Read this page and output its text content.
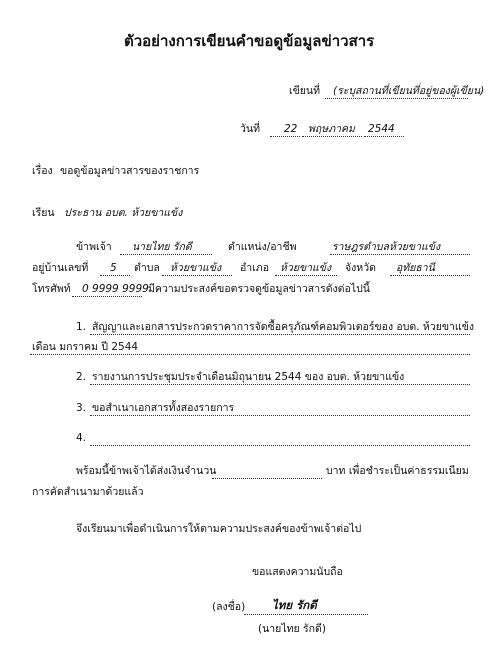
ตัวอย่างการเขียนคำขอดูข้อมูลข่าวสาร
เขียนที่ (ระบุสถานที่เขียนที่อยู่ของผู้เขียน)
วันที่ 22 พฤษภาคม 2544
เรื่อง ขอดูข้อมูลข่าวสารของราชการ
เรียน ประธาน อบต. ห้วยขาแข้ง
ข้าพเจ้า นายไทย รักดี	ตำแหน่ง/อาชีพ	ราษฎรตำบลห้วยขาแข้ง
อยู่บ้านเลขที่ 5 ตำบล ห้วยขาแข้ง อำเภอ ห้วยขาแข้ง จังหวัด อุทัยธานี
โทรศัพท์ 0 9999 9999 มีความประสงค์ขอตรวจดูข้อมูลข่าวสารดังต่อไปนี้
1. สัญญาและเอกสารประกวดราคาการจัดซื้อครุภัณฑ์คอมพิวเตอร์ของ อบต. ห้วยขาแข้ง
เดือน มกราคม ปี 2544
2. รายงานการประชุมประจำเดือนมิถุนายน 2544 ของ อบต. ห้วยขาแข้ง
3. ขอสำเนาเอกสารทั้งสองรายการ
4.
พร้อมนี้ข้าพเจ้าได้ส่งเงินจำนวน	บาท เพื่อชำระเป็นค่าธรรมเนียม
การคัดสำเนามาด้วยแล้ว
จึงเรียนมาเพื่อดำเนินการให้ตามความประสงค์ของข้าพเจ้าต่อไป
ขอแสดงความนับถือ
(ลงชื่อ) ไทย รักดี
(นายไทย รักดี)
